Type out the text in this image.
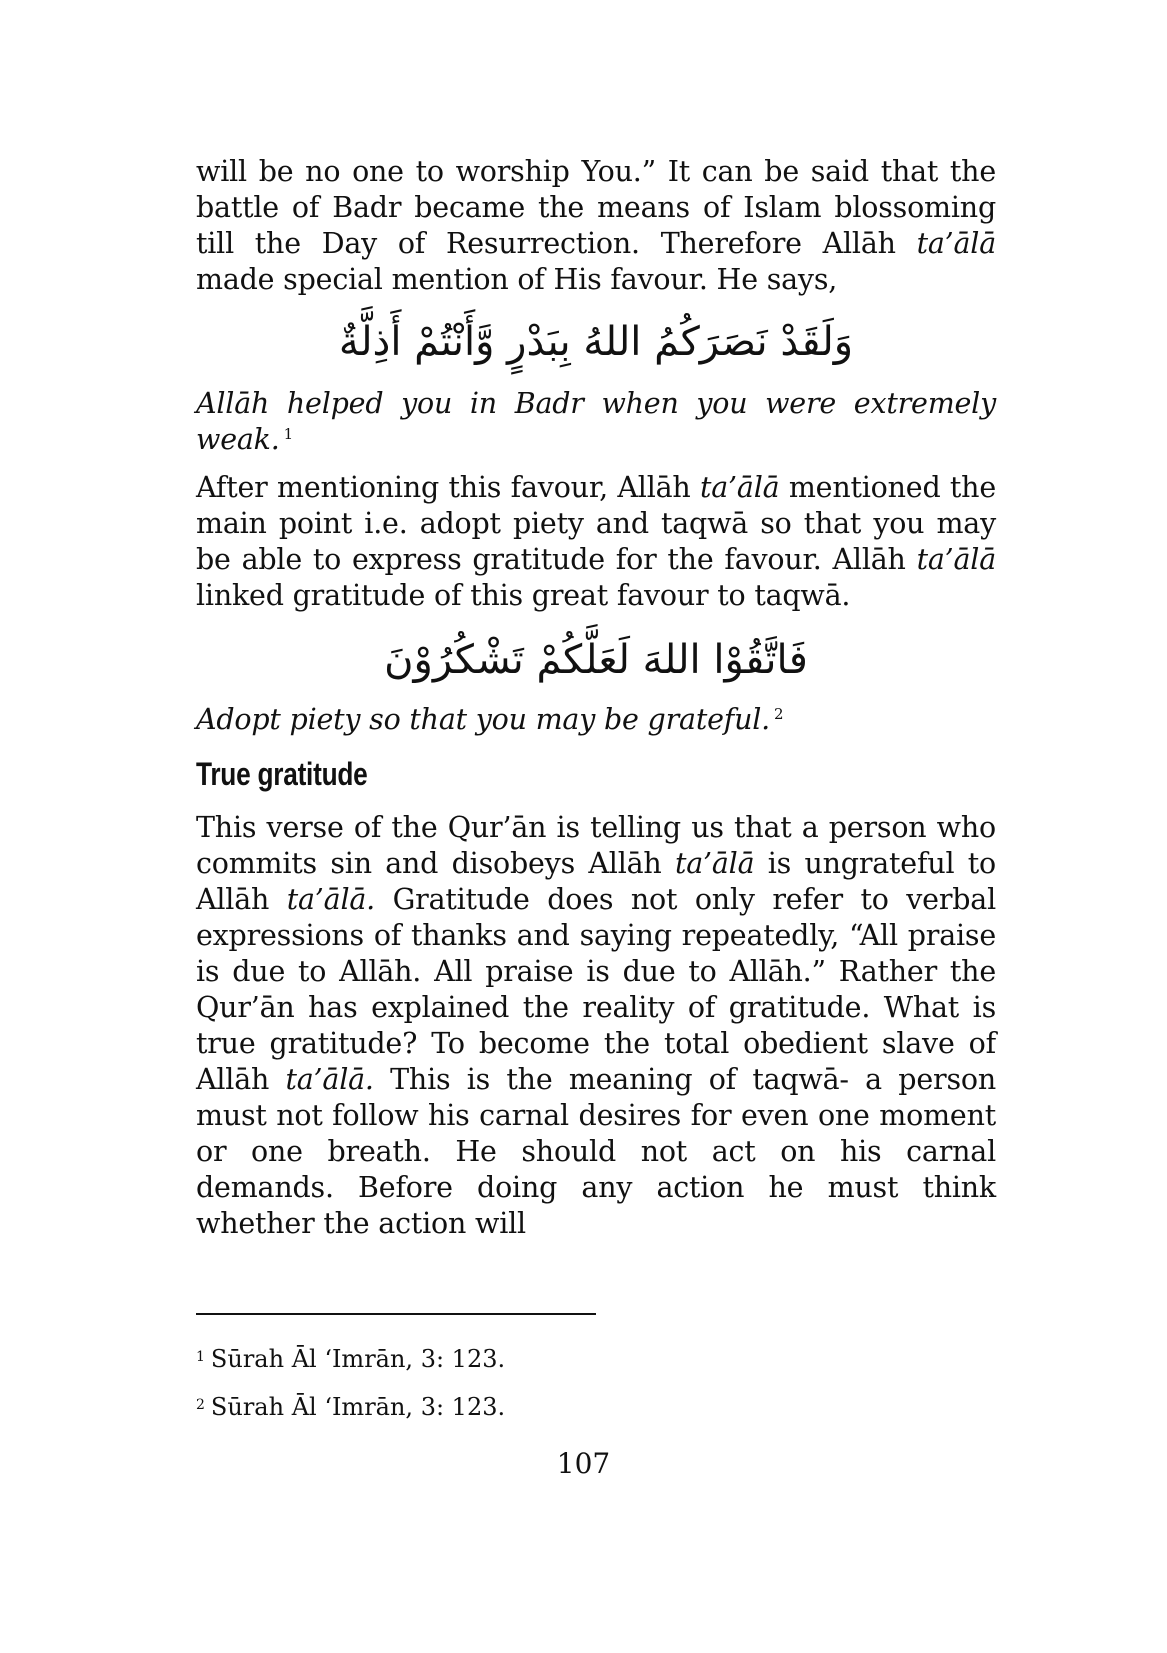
will be no one to worship You.” It can be said that the battle of Badr became the means of Islam blossoming till the Day of Resurrection. Therefore Allāh ta’ālā made special mention of His favour. He says,

وَلَقَدْ نَصَرَكُمُ اللهُ بِبَدْرٍ وَّأَنْتُمْ أَذِلَّةٌ

Allāh helped you in Badr when you were extremely weak. $^1$

After mentioning this favour, Allāh ta’ālā mentioned the main point i.e. adopt piety and taqwā so that you may be able to express gratitude for the favour. Allāh ta’ālā linked gratitude of this great favour to taqwā.

فَاتَّقُوْا اللهَ لَعَلَّكُمْ تَشْكُرُوْنَ

Adopt piety so that you may be grateful. $^2$

True gratitude

This verse of the Qur’ān is telling us that a person who commits sin and disobeys Allāh ta’ālā is ungrateful to Allāh ta’ālā. Gratitude does not only refer to verbal expressions of thanks and saying repeatedly, “All praise is due to Allāh. All praise is due to Allāh.” Rather the Qur’ān has explained the reality of gratitude. What is true gratitude? To become the total obedient slave of Allāh ta’ālā. This is the meaning of taqwā- a person must not follow his carnal desires for even one moment or one breath. He should not act on his carnal demands. Before doing any action he must think whether the action will

$^1$ Sūrah Āl ‘Imrān, 3: 123.
$^2$ Sūrah Āl ‘Imrān, 3: 123.
107
